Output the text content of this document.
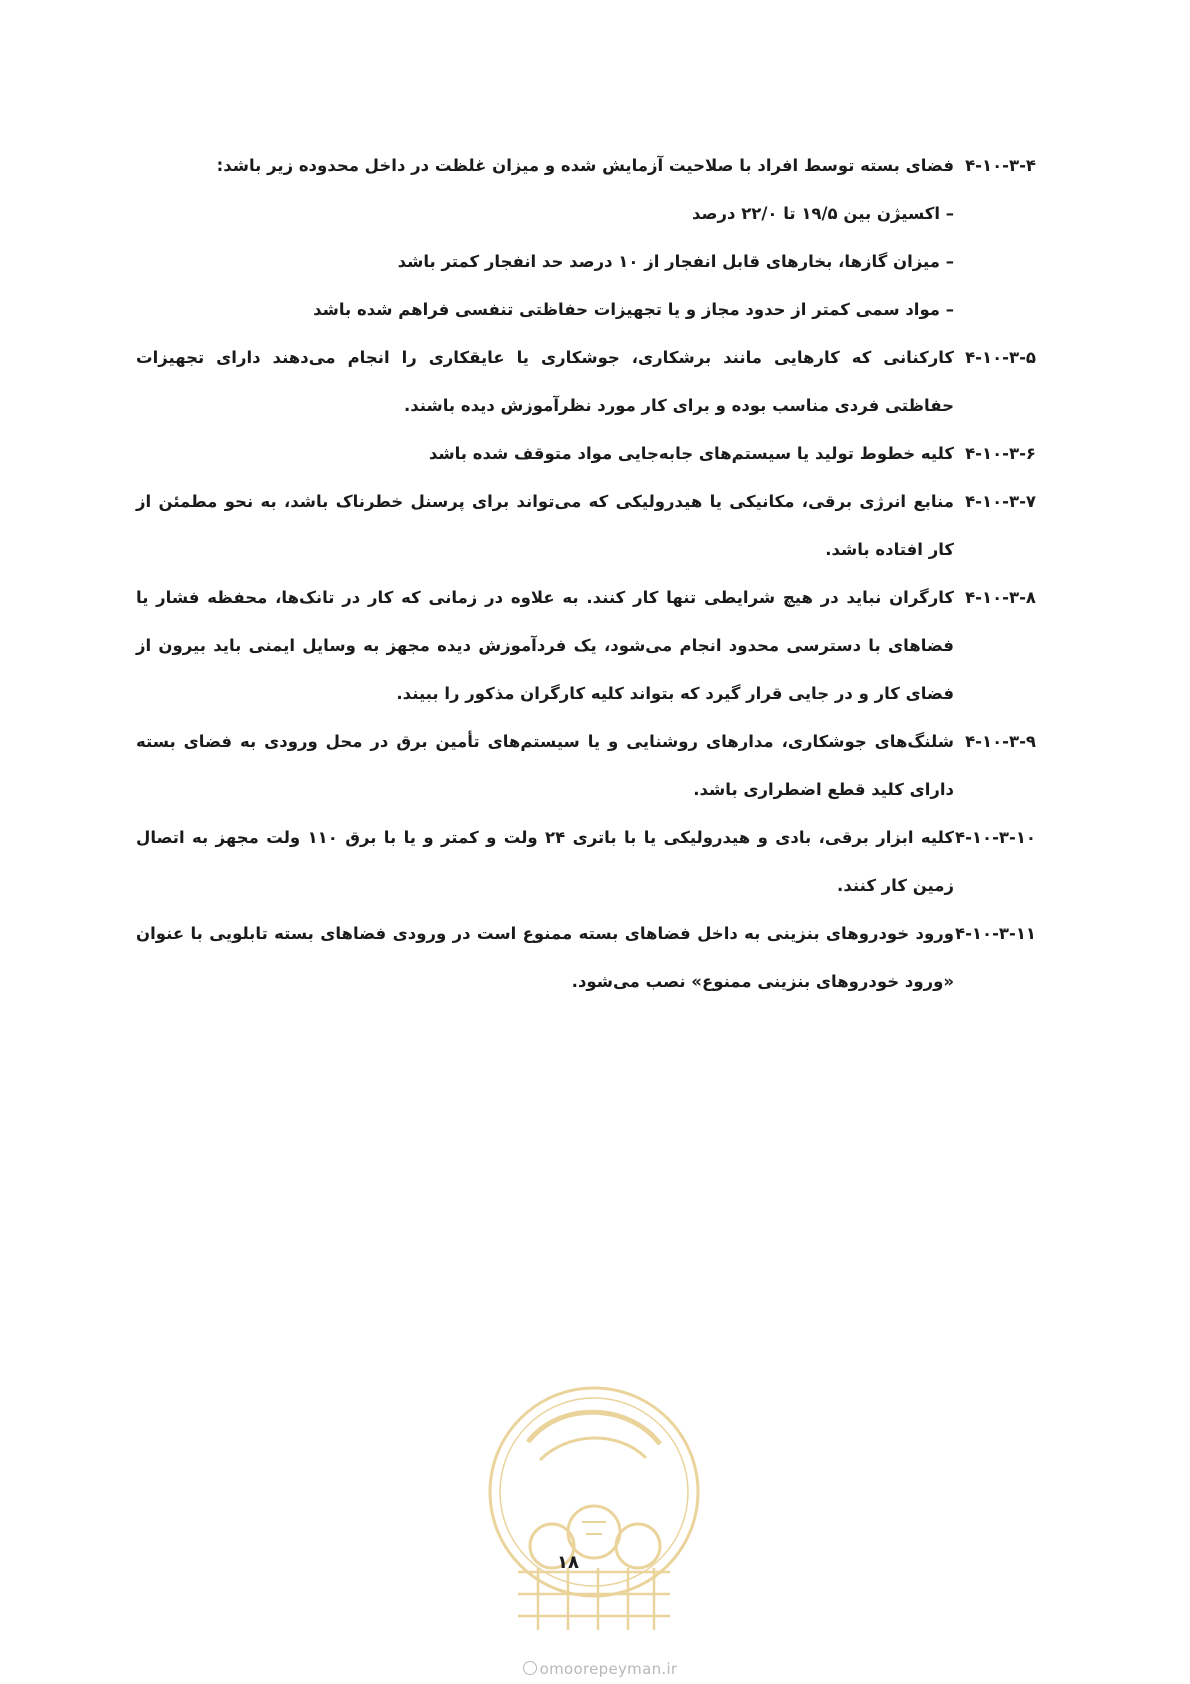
۴-۱۰-۳-۴
فضای بسته توسط افراد با صلاحیت آزمایش شده و میزان غلظت در داخل محدوده زیر باشد:
– اکسیژن بین ۱۹/۵ تا ۲۲/۰ درصد
– میزان گازها، بخارهای قابل انفجار از ۱۰ درصد حد انفجار کمتر باشد
– مواد سمی کمتر از حدود مجاز و یا تجهیزات حفاظتی تنفسی فراهم شده باشد
۴-۱۰-۳-۵
کارکنانی که کارهایی مانند برشکاری، جوشکاری یا عایقکاری را انجام می‌دهند دارای تجهیزات حفاظتی فردی مناسب بوده و برای کار مورد نظرآموزش دیده باشند.
۴-۱۰-۳-۶
کلیه خطوط تولید یا سیستم‌های جابه‌جایی مواد متوقف شده باشد
۴-۱۰-۳-۷
منابع انرژی برقی، مکانیکی یا هیدرولیکی که می‌تواند برای پرسنل خطرناک باشد، به نحو مطمئن از کار افتاده باشد.
۴-۱۰-۳-۸
کارگران نباید در هیچ شرایطی تنها کار کنند. به علاوه در زمانی که کار در تانک‌ها، محفظه فشار یا فضاهای با دسترسی محدود انجام می‌شود، یک فردآموزش دیده مجهز به وسایل ایمنی باید بیرون از فضای کار و در جایی قرار گیرد که بتواند کلیه کارگران مذکور را ببیند.
۴-۱۰-۳-۹
شلنگ‌های جوشکاری، مدارهای روشنایی و یا سیستم‌های تأمین برق در محل ورودی به فضای بسته دارای کلید قطع اضطراری باشد.
۴-۱۰-۳-۱۰
کلیه ابزار برقی، بادی و هیدرولیکی یا با باتری ۲۴ ولت و کمتر و یا با برق ۱۱۰ ولت مجهز به اتصال زمین کار کنند.
۴-۱۰-۳-۱۱
ورود خودروهای بنزینی به داخل فضاهای بسته ممنوع است در ورودی فضاهای بسته تابلویی با عنوان «ورود خودروهای بنزینی ممنوع» نصب می‌شود.
۱۸
omoorepeyman.ir
